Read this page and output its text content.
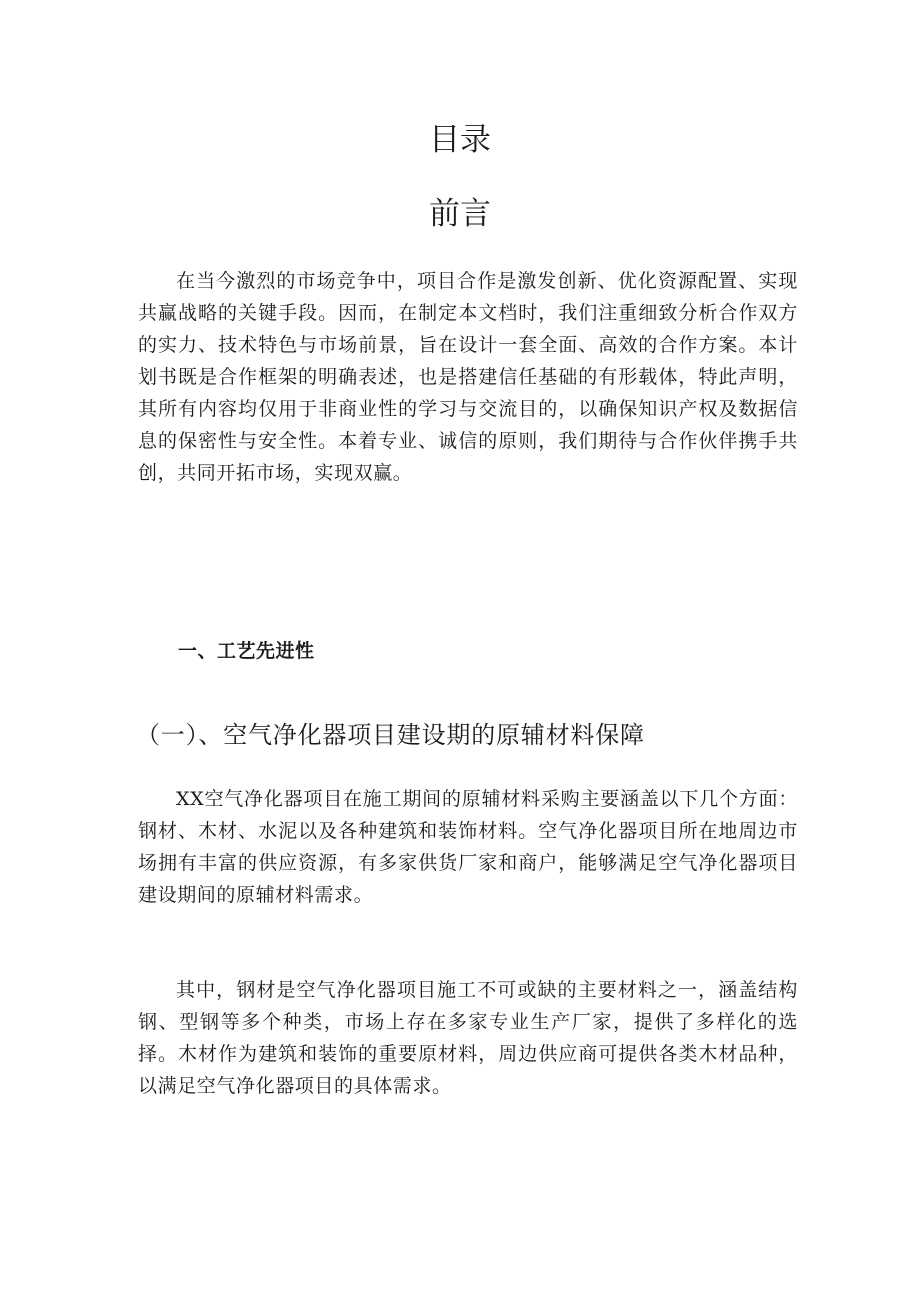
目录
前言

在当今激烈的市场竞争中，项目合作是激发创新、优化资源配置、实现共赢战略的关键手段。因而，在制定本文档时，我们注重细致分析合作双方的实力、技术特色与市场前景，旨在设计一套全面、高效的合作方案。本计划书既是合作框架的明确表述，也是搭建信任基础的有形载体，特此声明，其所有内容均仅用于非商业性的学习与交流目的，以确保知识产权及数据信息的保密性与安全性。本着专业、诚信的原则，我们期待与合作伙伴携手共创，共同开拓市场，实现双赢。

一、工艺先进性
（一）、空气净化器项目建设期的原辅材料保障

XX空气净化器项目在施工期间的原辅材料采购主要涵盖以下几个方面：钢材、木材、水泥以及各种建筑和装饰材料。空气净化器项目所在地周边市场拥有丰富的供应资源，有多家供货厂家和商户，能够满足空气净化器项目建设期间的原辅材料需求。

其中，钢材是空气净化器项目施工不可或缺的主要材料之一，涵盖结构钢、型钢等多个种类，市场上存在多家专业生产厂家，提供了多样化的选择。木材作为建筑和装饰的重要原材料，周边供应商可提供各类木材品种，以满足空气净化器项目的具体需求。
